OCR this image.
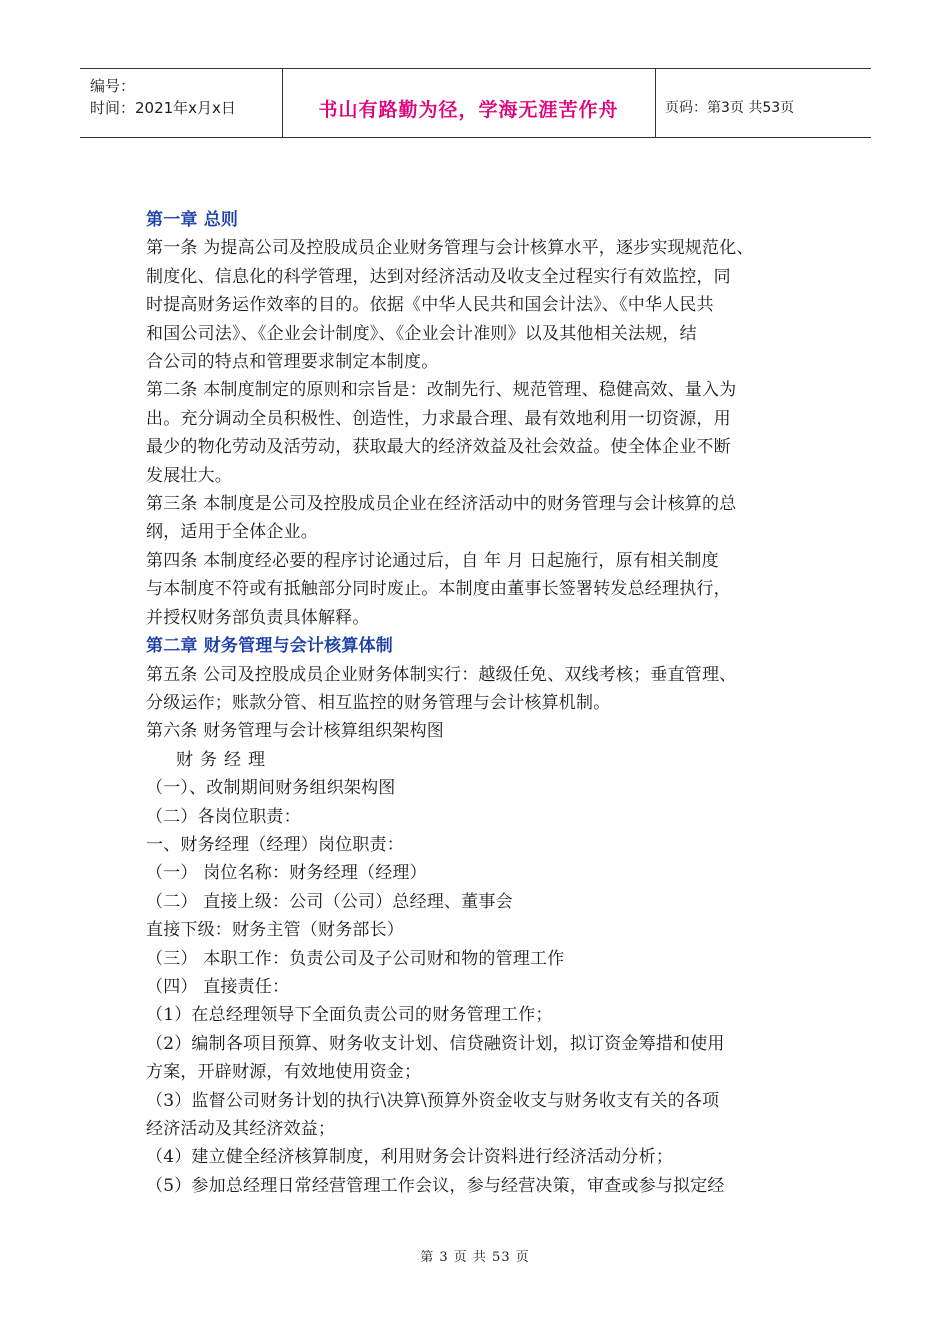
编号：
时间：2021年x月x日	书山有路勤为径，学海无涯苦作舟	页码：第3页 共53页
第一章 总则
第一条 为提高公司及控股成员企业财务管理与会计核算水平，逐步实现规范化、
制度化、信息化的科学管理，达到对经济活动及收支全过程实行有效监控，同
时提高财务运作效率的目的。依据《中华人民共和国会计法》、《中华人民共
和国公司法》、《企业会计制度》、《企业会计准则》以及其他相关法规，结
合公司的特点和管理要求制定本制度。
第二条 本制度制定的原则和宗旨是：改制先行、规范管理、稳健高效、量入为
出。充分调动全员积极性、创造性，力求最合理、最有效地利用一切资源，用
最少的物化劳动及活劳动，获取最大的经济效益及社会效益。使全体企业不断
发展壮大。
第三条 本制度是公司及控股成员企业在经济活动中的财务管理与会计核算的总
纲，适用于全体企业。
第四条 本制度经必要的程序讨论通过后，自 年 月 日起施行，原有相关制度
与本制度不符或有抵触部分同时废止。本制度由董事长签署转发总经理执行，
并授权财务部负责具体解释。
第二章 财务管理与会计核算体制
第五条 公司及控股成员企业财务体制实行：越级任免、双线考核；垂直管理、
分级运作；账款分管、相互监控的财务管理与会计核算机制。
第六条 财务管理与会计核算组织架构图
财务经理
（一）、改制期间财务组织架构图
（二）各岗位职责：
一、财务经理（经理）岗位职责：
（一） 岗位名称：财务经理（经理）
（二） 直接上级：公司（公司）总经理、董事会
直接下级：财务主管（财务部长）
（三） 本职工作：负责公司及子公司财和物的管理工作
（四） 直接责任：
（1）在总经理领导下全面负责公司的财务管理工作；
（2）编制各项目预算、财务收支计划、信贷融资计划，拟订资金筹措和使用
方案，开辟财源，有效地使用资金；
（3）监督公司财务计划的执行\决算\预算外资金收支与财务收支有关的各项
经济活动及其经济效益；
（4）建立健全经济核算制度，利用财务会计资料进行经济活动分析；
（5）参加总经理日常经营管理工作会议，参与经营决策，审查或参与拟定经
第 3 页 共 53 页
